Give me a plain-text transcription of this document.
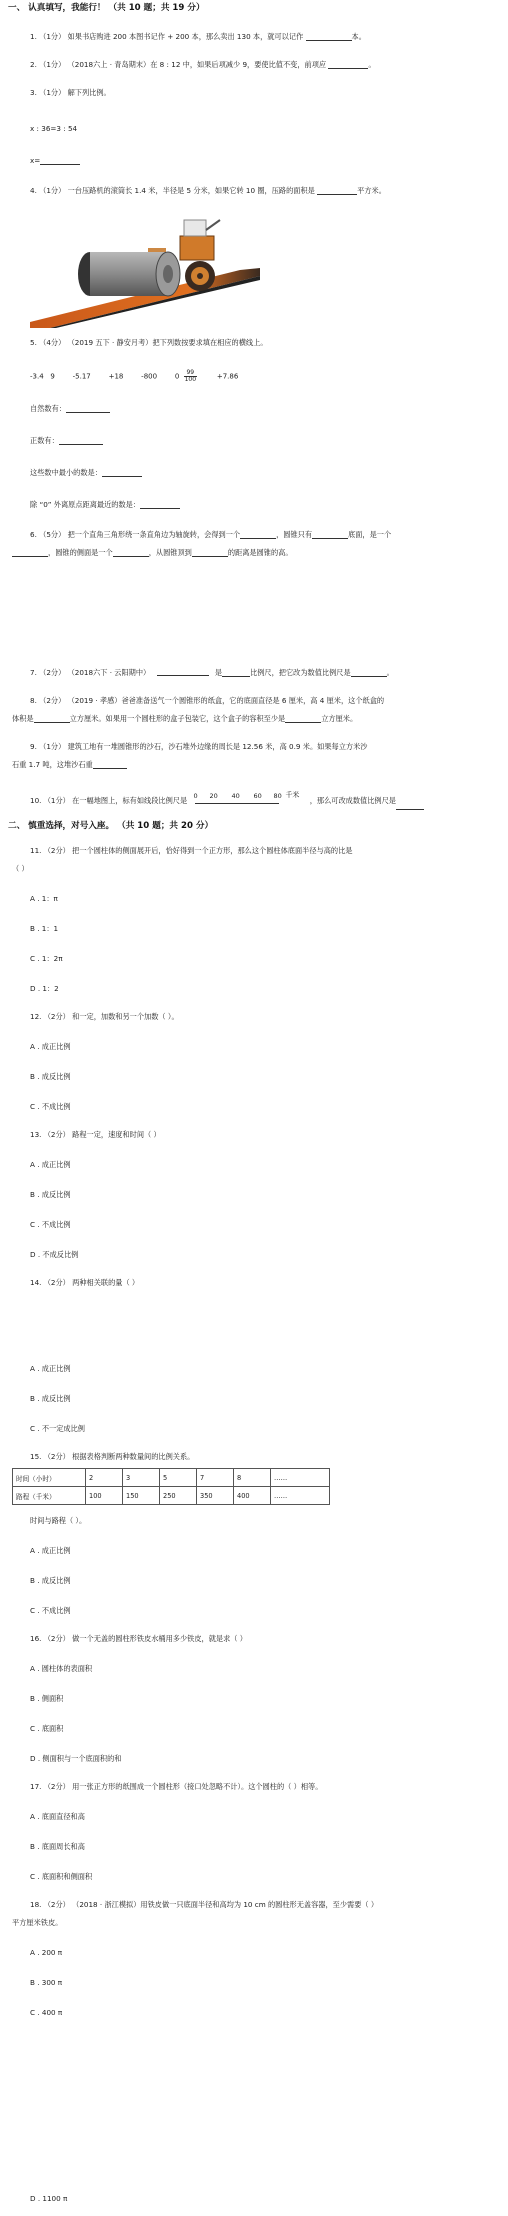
一、 认真填写，我能行！ （共 10 题；共 19 分）
1. （1分） 如果书店购进 200 本图书记作 + 200 本，那么卖出 130 本，就可以记作	本。
2. （1分） （2018六上 · 青岛期末）在 8 : 12 中，如果后项减少 9，要使比值不变，前项应	。
3. （1分） 解下列比例。
x : 36=3 : 54
x=
4. （1分） 一台压路机的滚筒长 1.4 米，半径是 5 分米，如果它转 10 圈，压路的面积是	平方米。
5. （4分） （2019 五下 · 静安月考）把下列数按要求填在相应的横线上。
-3.4 9	-5.17	+18	-800	$0 \frac{99}{100}$	+7.86
自然数有：
正数有：
这些数中最小的数是：
除 “0” 外离原点距离最近的数是：
6. （5分） 把一个直角三角形绕一条直角边为轴旋转，会得到一个	，圆锥只有	底面，是一个
，圆锥的侧面是一个	，从圆锥顶到	的距离是圆锥的高。
7. （2分） （2018六下 · 云阳期中）	是	比例尺，把它改为数值比例尺是	。
8. （2分） （2019 · 孝感）爸爸准备送气一个圆锥形的纸盒，它的底面直径是 6 厘米，高 4 厘米，这个纸盒的
体积是	立方厘米。如果用一个圆柱形的盒子包装它，这个盒子的容积至少是	立方厘米。
9. （1分） 建筑工地有一堆圆锥形的沙石，沙石堆外边缘的周长是 12.56 米，高 0.9 米。如果每立方米沙
石重 1.7 吨，这堆沙石重
10. （1分） 在一幅地图上，标有如线段比例尺是 0 20 40 60 80 千米
，那么可改成数值比例尺是
二、 慎重选择，对号入座。 （共 10 题；共 20 分）
11. （2分） 把一个圆柱体的侧面展开后，恰好得到一个正方形，那么这个圆柱体底面半径与高的比是
（ ）
A . 1：π
B . 1：1
C . 1：2π
D . 1：2
12. （2分） 和一定，加数和另一个加数（ ）。
A . 成正比例
B . 成反比例
C . 不成比例
13. （2分） 路程一定，速度和时间（ ）
A . 成正比例
B . 成反比例
C . 不成比例
D . 不成反比例
14. （2分） 两种相关联的量（ ）
A . 成正比例
B . 成反比例
C . 不一定成比例
15. （2分） 根据表格判断两种数量间的比例关系。
时间（小时）	2	3	5	7	8	……
路程（千米）	100	150	250	350	400	……
时间与路程（ ）。
A . 成正比例
B . 成反比例
C . 不成比例
16. （2分） 做一个无盖的圆柱形铁皮水桶用多少铁皮，就是求（ ）
A . 圆柱体的表面积
B . 侧面积
C . 底面积
D . 侧面积与一个底面积的和
17. （2分） 用一张正方形的纸围成一个圆柱形（接口处忽略不计）。这个圆柱的（ ）相等。
A . 底面直径和高
B . 底面周长和高
C . 底面积和侧面积
18. （2分） （2018 · 浙江模拟）用铁皮做一只底面半径和高均为 10 cm 的圆柱形无盖容器，至少需要（ ）
平方厘米铁皮。
A . 200 π
B . 300 π
C . 400 π
D . 1100 π
